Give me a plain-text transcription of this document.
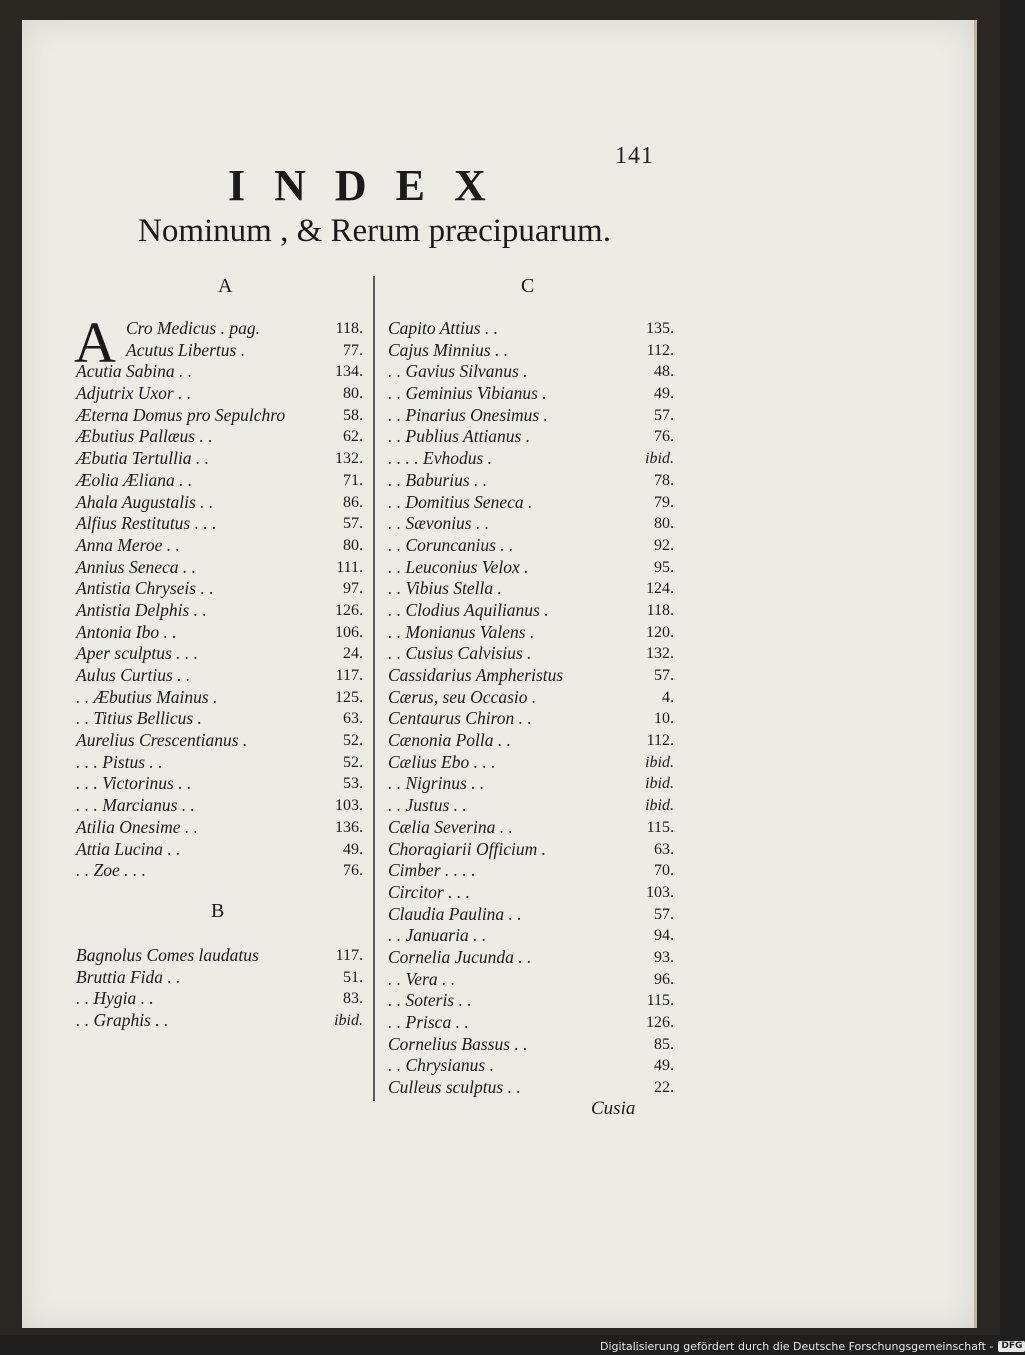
141
INDEX
Nominum , & Rerum præcipuarum.
A	C
B
A Cro Medicus . pag.	118.
Acutus Libertus .	77.
Acutia Sabina . .	134.
Adjutrix Uxor . .	80.
Æterna Domus pro Sepulchro	58.
Æbutius Pallæus . .	62.
Æbutia Tertullia . .	132.
Æolia Æliana . .	71.
Ahala Augustalis . .	86.
Alfius Restitutus . . .	57.
Anna Meroe . .	80.
Annius Seneca . .	111.
Antistia Chryseis . .	97.
Antistia Delphis . .	126.
Antonia Ibo . .	106.
Aper sculptus . . .	24.
Aulus Curtius . .	117.
. . Æbutius Mainus .	125.
. . Titius Bellicus .	63.
Aurelius Crescentianus .	52.
. . . Pistus . .	52.
. . . Victorinus . .	53.
. . . Marcianus . .	103.
Atilia Onesime . .	136.
Attia Lucina . .	49.
. . Zoe . . .	76.
Bagnolus Comes laudatus	117.
Bruttia Fida . .	51.
. . Hygia . .	83.
. . Graphis . .	ibid.
Capito Attius . .	135.
Cajus Minnius . .	112.
. . Gavius Silvanus .	48.
. . Geminius Vibianus .	49.
. . Pinarius Onesimus .	57.
. . Publius Attianus .	76.
. . . . Evhodus .	ibid.
. . Baburius . .	78.
. . Domitius Seneca .	79.
. . Sævonius . .	80.
. . Coruncanius . .	92.
. . Leuconius Velox .	95.
. . Vibius Stella .	124.
. . Clodius Aquilianus .	118.
. . Monianus Valens .	120.
. . Cusius Calvisius .	132.
Cassidarius Ampheristus	57.
Cærus, seu Occasio .	4.
Centaurus Chiron . .	10.
Cænonia Polla . .	112.
Cælius Ebo . . .	ibid.
. . Nigrinus . .	ibid.
. . Justus . .	ibid.
Cælia Severina . .	115.
Choragiarii Officium .	63.
Cimber . . . .	70.
Circitor . . .	103.
Claudia Paulina . .	57.
. . Januaria . .	94.
Cornelia Jucunda . .	93.
. . Vera . .	96.
. . Soteris . .	115.
. . Prisca . .	126.
Cornelius Bassus . .	85.
. . Chrysianus .	49.
Culleus sculptus . .	22.
Cusia
Digitalisierung gefördert durch die Deutsche Forschungsgemeinschaft - DFG
